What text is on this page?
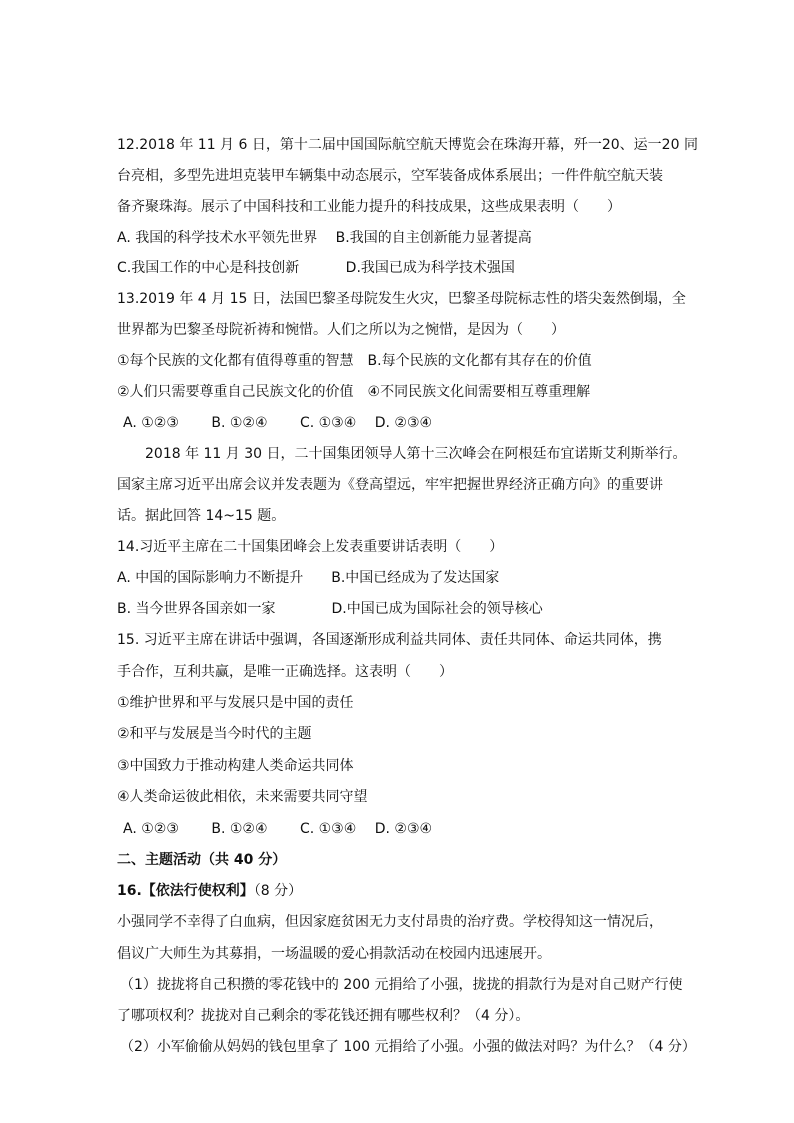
12.2018 年 11 月 6 日，第十二届中国国际航空航天博览会在珠海开幕，歼一20、运一20 同
台亮相，多型先进坦克装甲车辆集中动态展示，空军装备成体系展出；一件件航空航天装
备齐聚珠海。展示了中国科技和工业能力提升的科技成果，这些成果表明（　　）
A. 我国的科学技术水平领先世界　 B.我国的自主创新能力显著提高
C.我国工作的中心是科技创新　　　 D.我国已成为科学技术强国
13.2019 年 4 月 15 日，法国巴黎圣母院发生火灾，巴黎圣母院标志性的塔尖轰然倒塌，全
世界都为巴黎圣母院祈祷和惋惜。人们之所以为之惋惜，是因为（　　）
①每个民族的文化都有值得尊重的智慧　B.每个民族的文化都有其存在的价值
②人们只需要尊重自己民族文化的价值　④不同民族文化间需要相互尊重理解
A. ①②③　　 B. ①②④　　 C. ①③④　 D. ②③④
2018 年 11 月 30 日，二十国集团领导人第十三次峰会在阿根廷布宜诺斯艾利斯举行。
国家主席习近平出席会议并发表题为《登高望远，牢牢把握世界经济正确方向》的重要讲
话。据此回答 14~15 题。
14.习近平主席在二十国集团峰会上发表重要讲话表明（　　）
A. 中国的国际影响力不断提升　　B.中国已经成为了发达国家
B. 当今世界各国亲如一家　　　　D.中国已成为国际社会的领导核心
15. 习近平主席在讲话中强调，各国逐渐形成利益共同体、责任共同体、命运共同体，携
手合作，互利共赢，是唯一正确选择。这表明（　　）
①维护世界和平与发展只是中国的责任
②和平与发展是当今时代的主题
③中国致力于推动构建人类命运共同体
④人类命运彼此相依，未来需要共同守望
A. ①②③　　 B. ①②④　　 C. ①③④　 D. ②③④
二、主题活动（共 40 分）
16.【依法行使权利】（8 分）
小强同学不幸得了白血病，但因家庭贫困无力支付昂贵的治疗费。学校得知这一情况后，
倡议广大师生为其募捐，一场温暖的爱心捐款活动在校园内迅速展开。
（1）拢拢将自己积攒的零花钱中的 200 元捐给了小强，拢拢的捐款行为是对自己财产行使
了哪项权利？拢拢对自己剩余的零花钱还拥有哪些权利？（4 分）。
（2）小军偷偷从妈妈的钱包里拿了 100 元捐给了小强。小强的做法对吗？为什么？（4 分）
